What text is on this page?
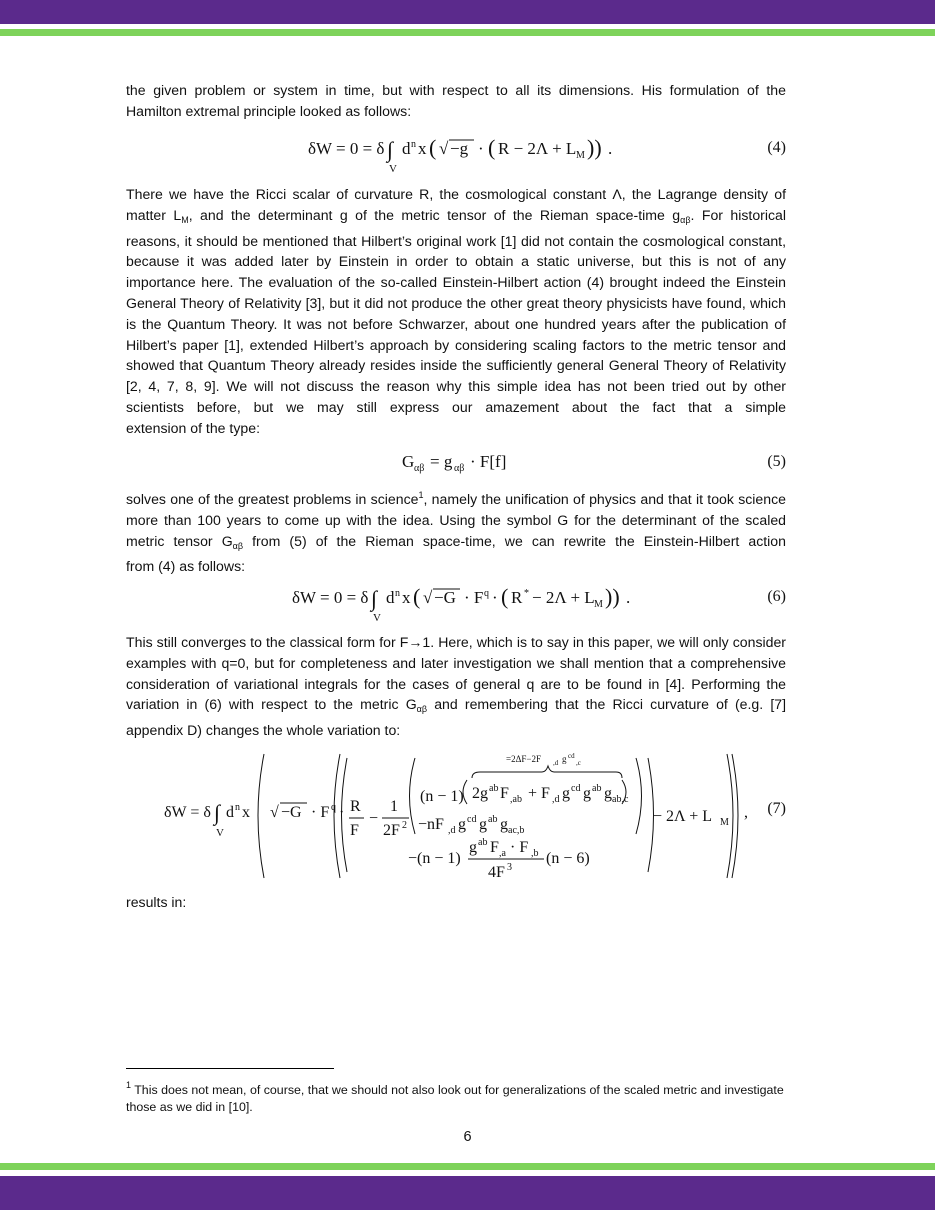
the given problem or system in time, but with respect to all its dimensions. His formulation of the
Hamilton extremal principle looked as follows:

δW = 0 = δ ∫
V
d n x ( √ −g · ( R − 2Λ + L M )) .	(4)

There we have the Ricci scalar of curvature R, the cosmological constant Λ, the Lagrange density of
matter $L_M$, and the determinant g of the metric tensor of the Rieman space-time $g_{\alpha\beta}$. For historical
reasons, it should be mentioned that Hilbert’s original work [1] did not contain the cosmological constant, because it was added later by Einstein in order to obtain a static universe, but this is not of any importance here. The evaluation of the so-called Einstein-Hilbert action (4) brought indeed the Einstein General Theory of Relativity [3], but it did not produce the other great theory physicists have found, which is the Quantum Theory. It was not before Schwarzer, about one hundred years after the publication of Hilbert’s paper [1], extended Hilbert’s approach by considering scaling factors to the metric tensor and showed that Quantum Theory already resides inside the sufficiently general General Theory of Relativity [2, 4, 7, 8, 9]. We will not discuss the reason why this simple idea has not been tried out by other scientists before, but we may still express our amazement about the fact that a simple
extension of the type:

G αβ = g αβ · F[f]	(5)

solves one of the greatest problems in science$^1$, namely the unification of physics and that it took science more than 100 years to come up with the idea. Using the symbol G for the determinant of the scaled metric tensor $G_{\alpha\beta}$ from (5) of the Rieman space-time, we can rewrite the Einstein-Hilbert action
from (4) as follows:

δW = 0 = δ ∫
V
d n x ( √ −G · F q · ( R * − 2Λ + L M )) .	(6)

This still converges to the classical form for F→1. Here, which is to say in this paper, we will only consider examples with q=0, but for completeness and later investigation we shall mention that a comprehensive consideration of variational integrals for the cases of general q are to be found in [4]. Performing the variation in (6) with respect to the metric $G_{\alpha\beta}$ and remembering that the Ricci curvature of (e.g. [7]
appendix D) changes the whole variation to:

δW = δ ∫
V
d n x √ −G · F q · R
F
−
1
2F 2
(n − 1)
=2ΔF−2F ,d g cd
,c
2g ab F ,ab + F ,d g cd g ab g ab,c
−nF ,d g cd g ab g ac,b
− 2Λ + L M
−(n − 1)
g ab F ,a · F ,b
4F 3
(n − 6)
, (7)

results in:

$^1$ This does not mean, of course, that we should not also look out for generalizations of the scaled metric and investigate those as we did in [10].

6
